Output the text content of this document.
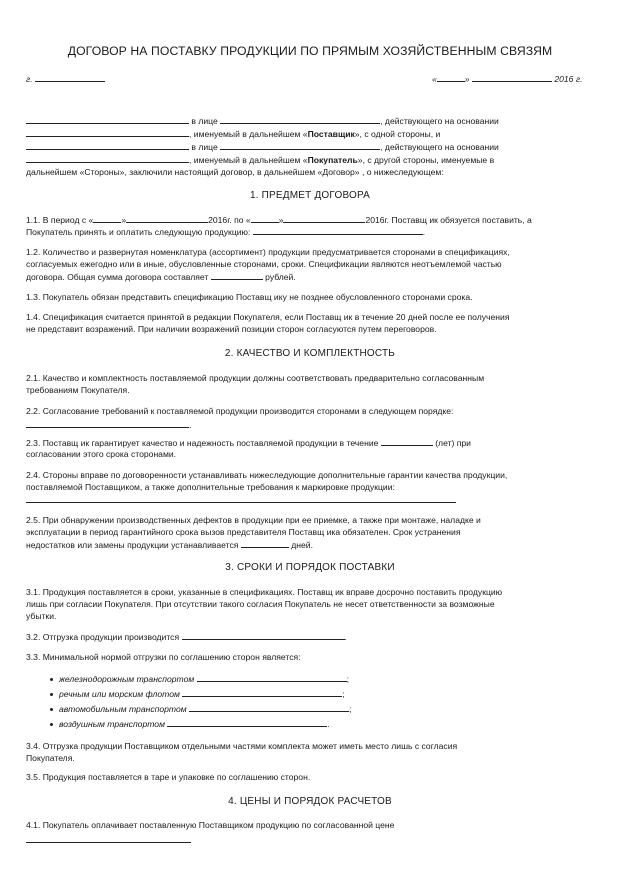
ДОГОВОР НА ПОСТАВКУ ПРОДУКЦИИ ПО ПРЯМЫМ ХОЗЯЙСТВЕННЫМ СВЯЗЯМ
г.	«	»	2016 г.
в лице	, действующего на основании
, именуемый в дальнейшем «Поставщик», с одной стороны, и
в лице	, действующего на основании
, именуемый в дальнейшем «Покупатель», с другой стороны, именуемые в
дальнейшем «Стороны», заключили настоящий договор, в дальнейшем «Договор» , о нижеследующем:
1. ПРЕДМЕТ ДОГОВОРА
1.1. В период с «	»	2016г. по «	»	2016г. Поставщ ик обязуется поставить, а
Покупатель принять и оплатить следующую продукцию:	.
1.2. Количество и развернутая номенклатура (ассортимент) продукции предусматривается сторонами в спецификациях,
согласуемых ежегодно или в иные, обусловленные сторонами, сроки. Спецификации являются неотъемлемой частью
договора. Общая сумма договора составляет	рублей.
1.3. Покупатель обязан представить спецификацию Поставщ ику не позднее обусловленного сторонами срока.
1.4. Спецификация считается принятой в редакции Покупателя, если Поставщ ик в течение 20 дней после ее получения
не представит возражений. При наличии возражений позиции сторон согласуются путем переговоров.
2. КАЧЕСТВО И КОМПЛЕКТНОСТЬ
2.1. Качество и комплектность поставляемой продукции должны соответствовать предварительно согласованным
требованиям Покупателя.
2.2. Согласование требований к поставляемой продукции производится сторонами в следующем порядке:
.
2.3. Поставщ ик гарантирует качество и надежность поставляемой продукции в течение	(лет) при
согласовании этого срока сторонами.
2.4. Стороны вправе по договоренности устанавливать нижеследующие дополнительные гарантии качества продукции,
поставляемой Поставщиком, а также дополнительные требования к маркировке продукции:
2.5. При обнаружении производственных дефектов в продукции при ее приемке, а также при монтаже, наладке и
эксплуатации в период гарантийного срока вызов представителя Поставщ ика обязателен. Срок устранения
недостатков или замены продукции устанавливается	дней.
3. СРОКИ И ПОРЯДОК ПОСТАВКИ
3.1. Продукция поставляется в сроки, указанные в спецификациях. Поставщ ик вправе досрочно поставить продукцию
лишь при согласии Покупателя. При отсутствии такого согласия Покупатель не несет ответственности за возможные
убытки.
3.2. Отгрузка продукции производится	.
3.3. Минимальной нормой отгрузки по соглашению сторон является:
железнодорожным транспортом	;
речным или морским флотом	;
автомобильным транспортом	;
воздушным транспортом	.
3.4. Отгрузка продукции Поставщиком отдельными частями комплекта может иметь место лишь с согласия
Покупателя.
3.5. Продукция поставляется в таре и упаковке по соглашению сторон.
4. ЦЕНЫ И ПОРЯДОК РАСЧЕТОВ
4.1. Покупатель оплачивает поставленную Поставщиком продукцию по согласованной цене
